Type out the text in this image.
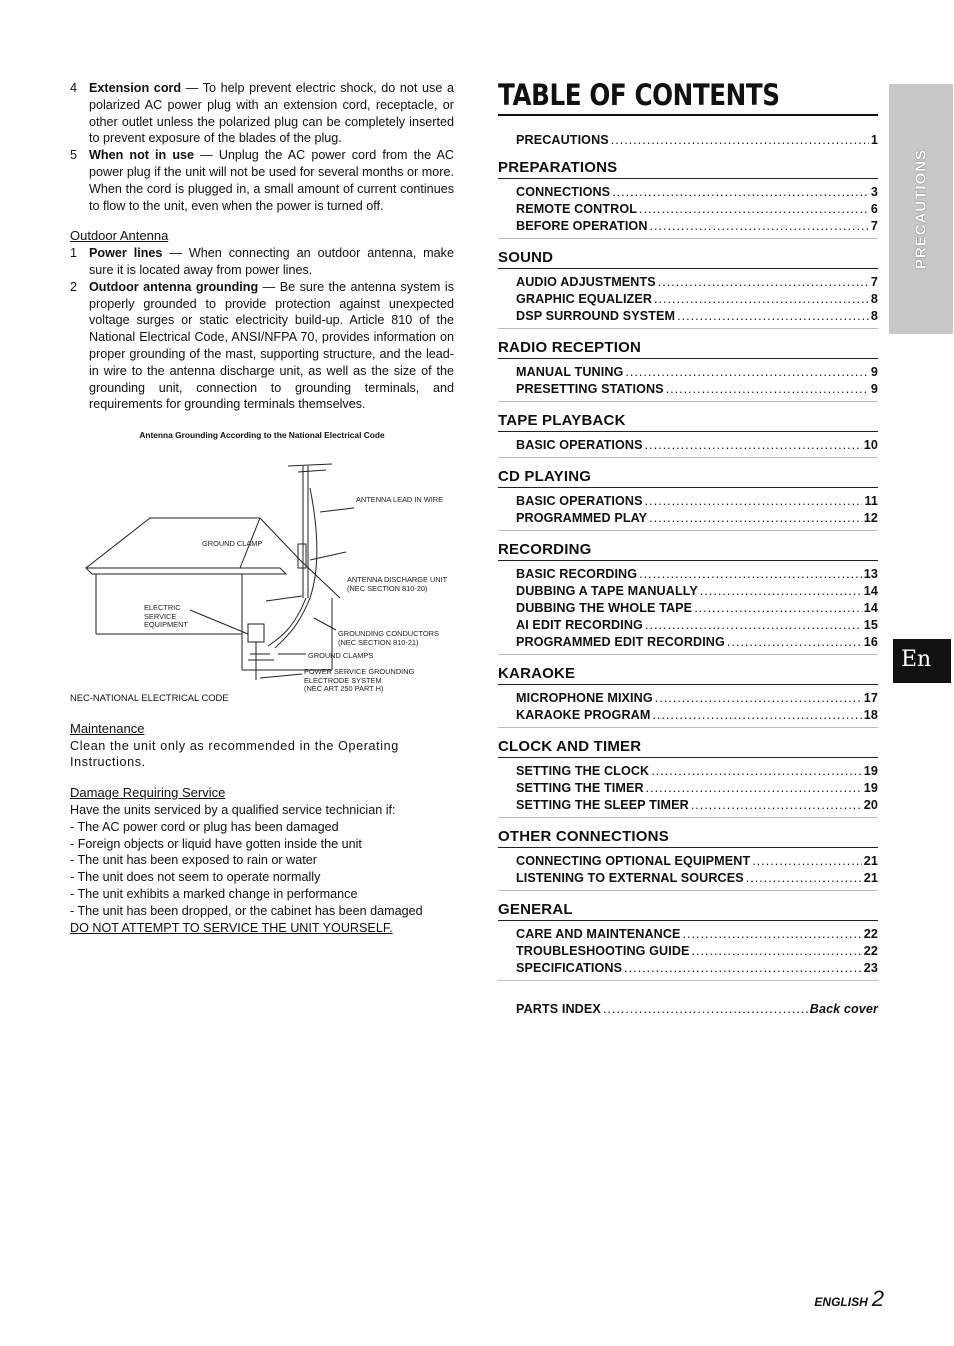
4 Extension cord — To help prevent electric shock, do not use a polarized AC power plug with an extension cord, receptacle, or other outlet unless the polarized plug can be completely inserted to prevent exposure of the blades of the plug.

5 When not in use — Unplug the AC power cord from the AC power plug if the unit will not be used for several months or more. When the cord is plugged in, a small amount of current continues to flow to the unit, even when the power is turned off.

Outdoor Antenna
1 Power lines — When connecting an outdoor antenna, make sure it is located away from power lines.

2 Outdoor antenna grounding — Be sure the antenna system is properly grounded to provide protection against unexpected voltage surges or static electricity build-up. Article 810 of the National Electrical Code, ANSI/NFPA 70, provides information on proper grounding of the mast, supporting structure, and the lead-in wire to the antenna discharge unit, as well as the size of the grounding unit, connection to grounding terminals, and requirements for grounding terminals themselves.

Antenna Grounding According to the National Electrical Code
ANTENNA LEAD IN WIRE
GROUND CLAMP
ANTENNA DISCHARGE UNIT
(NEC SECTION 810-20)
ELECTRIC
SERVICE
EQUIPMENT
GROUNDING CONDUCTORS
(NEC SECTION 810-21)
GROUND CLAMPS
POWER SERVICE GROUNDING
ELECTRODE SYSTEM
(NEC ART 250 PART H)
NEC-NATIONAL ELECTRICAL CODE
Maintenance

Clean the unit only as recommended in the Operating Instructions.

Damage Requiring Service

Have the units serviced by a qualified service technician if:

- The AC power cord or plug has been damaged
- Foreign objects or liquid have gotten inside the unit
- The unit has been exposed to rain or water
- The unit does not seem to operate normally
- The unit exhibits a marked change in performance
- The unit has been dropped, or the cabinet has been damaged
DO NOT ATTEMPT TO SERVICE THE UNIT YOURSELF.
TABLE OF CONTENTS
PRECAUTIONS .....	1
PREPARATIONS
CONNECTIONS .....	3
REMOTE CONTROL .....	6
BEFORE OPERATION .....	7
SOUND
AUDIO ADJUSTMENTS .....	7
GRAPHIC EQUALIZER .....	8
DSP SURROUND SYSTEM .....	8
RADIO RECEPTION
MANUAL TUNING .....	9
PRESETTING STATIONS .....	9
TAPE PLAYBACK
BASIC OPERATIONS .....	10
CD PLAYING
BASIC OPERATIONS .....	11
PROGRAMMED PLAY .....	12
RECORDING
BASIC RECORDING .....	13
DUBBING A TAPE MANUALLY .....	14
DUBBING THE WHOLE TAPE .....	14
AI EDIT RECORDING .....	15
PROGRAMMED EDIT RECORDING .....	16
KARAOKE
MICROPHONE MIXING .....	17
KARAOKE PROGRAM .....	18
CLOCK AND TIMER
SETTING THE CLOCK .....	19
SETTING THE TIMER .....	19
SETTING THE SLEEP TIMER .....	20
OTHER CONNECTIONS
CONNECTING OPTIONAL EQUIPMENT .....	21
LISTENING TO EXTERNAL SOURCES .....	21
GENERAL
CARE AND MAINTENANCE .....	22
TROUBLESHOOTING GUIDE .....	22
SPECIFICATIONS .....	23
PARTS INDEX .....	Back cover
PRECAUTIONS
En
ENGLISH 2
